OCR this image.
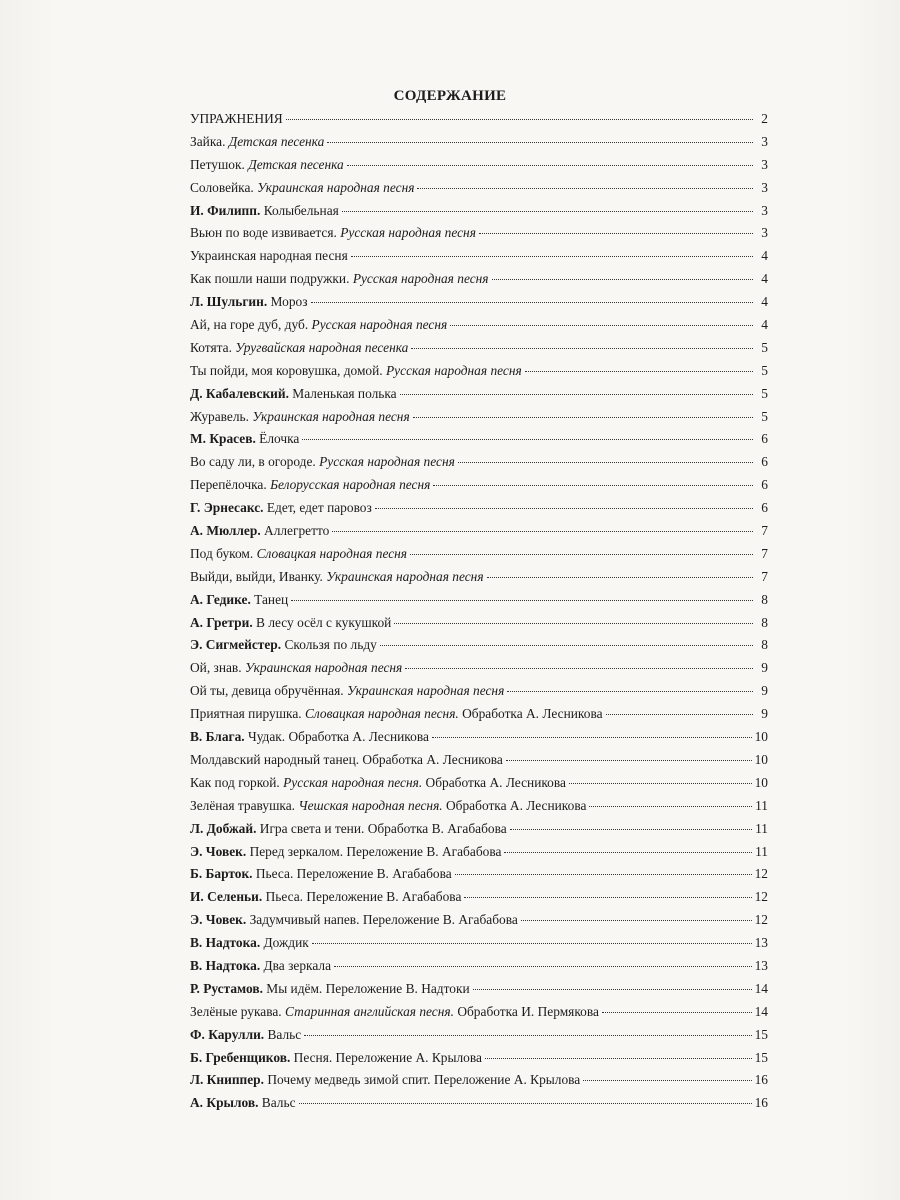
СОДЕРЖАНИЕ
УПРАЖНЕНИЯ	2
Зайка. Детская песенка	3
Петушок. Детская песенка	3
Соловейка. Украинская народная песня	3
И. Филипп. Колыбельная	3
Вьюн по воде извивается. Русская народная песня	3
Украинская народная песня	4
Как пошли наши подружки. Русская народная песня	4
Л. Шульгин. Мороз	4
Ай, на горе дуб, дуб. Русская народная песня	4
Котята. Уругвайская народная песенка	5
Ты пойди, моя коровушка, домой. Русская народная песня	5
Д. Кабалевский. Маленькая полька	5
Журавель. Украинская народная песня	5
М. Красев. Ёлочка	6
Во саду ли, в огороде. Русская народная песня	6
Перепёлочка. Белорусская народная песня	6
Г. Эрнесакс. Едет, едет паровоз	6
А. Мюллер. Аллегретто	7
Под буком. Словацкая народная песня	7
Выйди, выйди, Иванку. Украинская народная песня	7
А. Гедике. Танец	8
А. Гретри. В лесу осёл с кукушкой	8
Э. Сигмейстер. Скользя по льду	8
Ой, знав. Украинская народная песня	9
Ой ты, девица обручённая. Украинская народная песня	9
Приятная пирушка. Словацкая народная песня. Обработка А. Лесникова	9
В. Блага. Чудак. Обработка А. Лесникова	10
Молдавский народный танец. Обработка А. Лесникова	10
Как под горкой. Русская народная песня. Обработка А. Лесникова	10
Зелёная травушка. Чешская народная песня. Обработка А. Лесникова	11
Л. Добжай. Игра света и тени. Обработка В. Агабабова	11
Э. Човек. Перед зеркалом. Переложение В. Агабабова	11
Б. Барток. Пьеса. Переложение В. Агабабова	12
И. Селеньи. Пьеса. Переложение В. Агабабова	12
Э. Човек. Задумчивый напев. Переложение В. Агабабова	12
В. Надтока. Дождик	13
В. Надтока. Два зеркала	13
Р. Рустамов. Мы идём. Переложение В. Надтоки	14
Зелёные рукава. Старинная английская песня. Обработка И. Пермякова	14
Ф. Карулли. Вальс	15
Б. Гребенщиков. Песня. Переложение А. Крылова	15
Л. Книппер. Почему медведь зимой спит. Переложение А. Крылова	16
А. Крылов. Вальс	16
